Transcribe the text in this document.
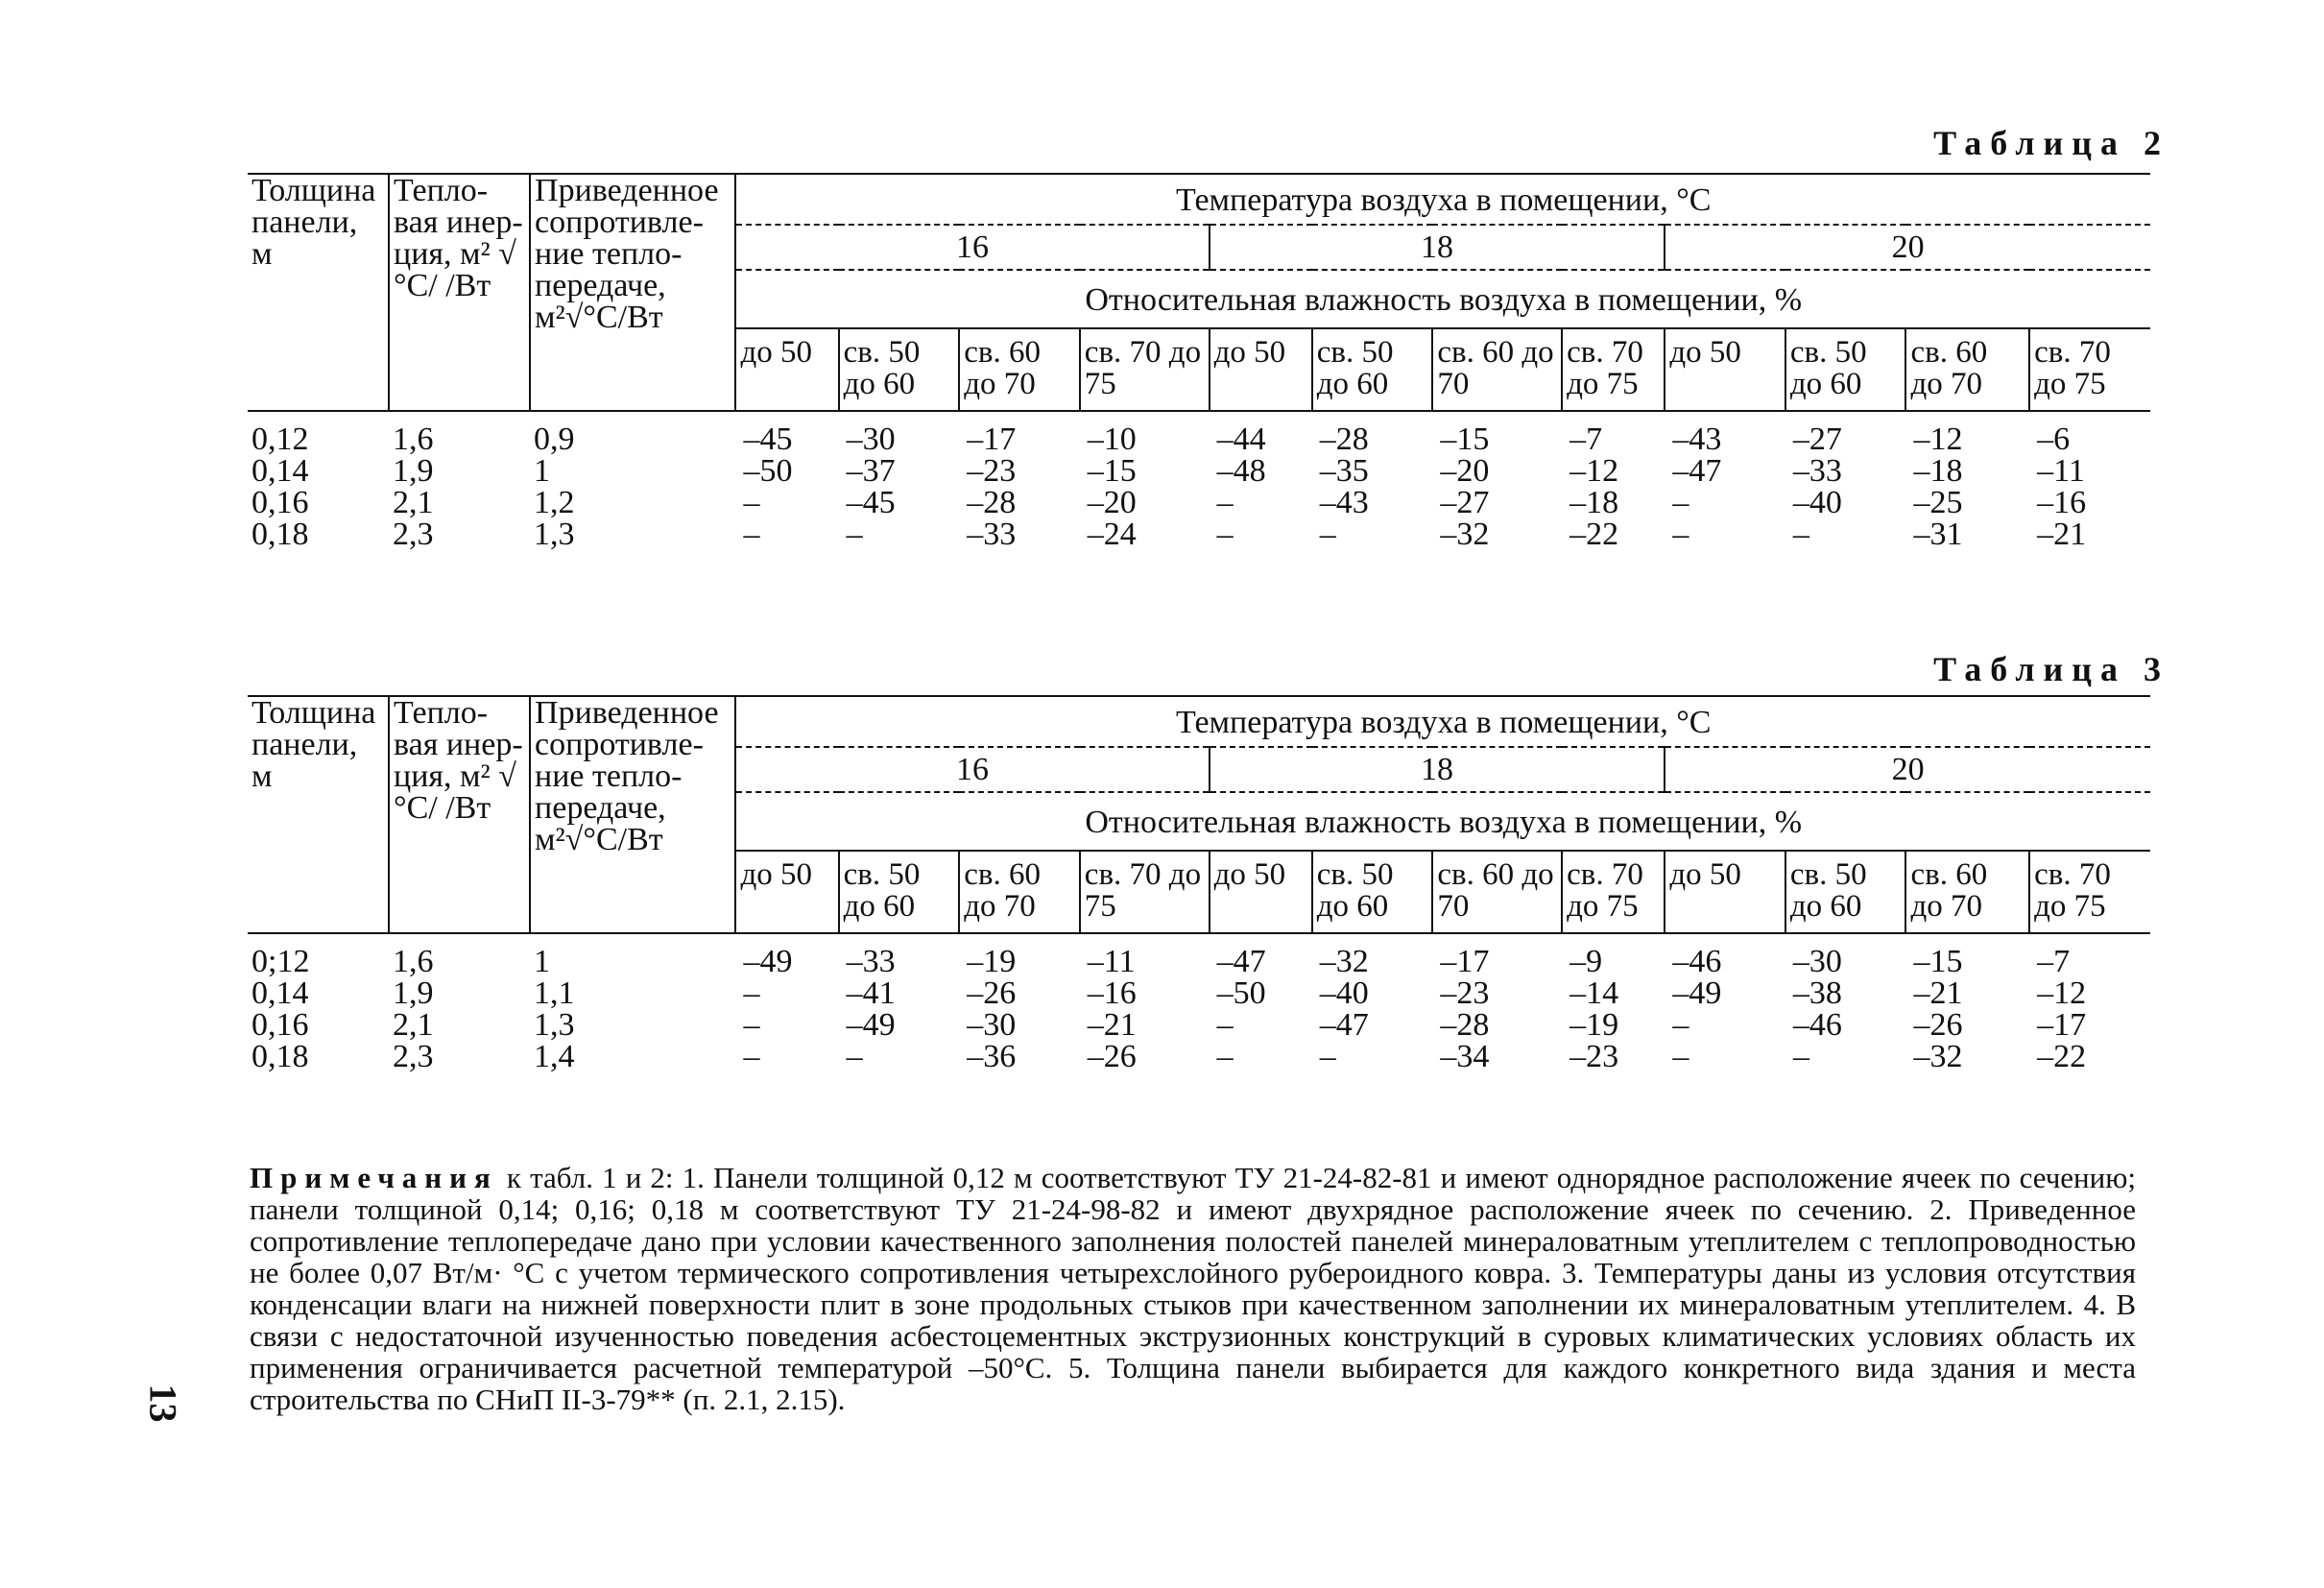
Таблица 2
Толщина панели, м	Тепло- вая инер- ция, м² √ °С/ /Вт	Приведенное сопротивле- ние тепло- передаче, м²√°С/Вт	Температура воздуха в помещении, °С											
			16				18				20			
			Относительная влажность воздуха в помещении, %											
			до 50	св. 50 до 60	св. 60 до 70	св. 70 до 75	до 50	св. 50 до 60	св. 60 до 70	св. 70 до 75	до 50	св. 50 до 60	св. 60 до 70	св. 70 до 75
0,12	1,6	0,9	–45	–30	–17	–10	–44	–28	–15	–7	–43	–27	–12	–6
0,14	1,9	1	–50	–37	–23	–15	–48	–35	–20	–12	–47	–33	–18	–11
0,16	2,1	1,2	–	–45	–28	–20	–	–43	–27	–18	–	–40	–25	–16
0,18	2,3	1,3	–	–	–33	–24	–	–	–32	–22	–	–	–31	–21
Таблица 3
Толщина панели, м	Тепло- вая инер- ция, м² √ °С/ /Вт	Приведенное сопротивле- ние тепло- передаче, м²√°С/Вт	Температура воздуха в помещении, °С											
			16				18				20			
			Относительная влажность воздуха в помещении, %											
			до 50	св. 50 до 60	св. 60 до 70	св. 70 до 75	до 50	св. 50 до 60	св. 60 до 70	св. 70 до 75	до 50	св. 50 до 60	св. 60 до 70	св. 70 до 75
0;12	1,6	1	–49	–33	–19	–11	–47	–32	–17	–9	–46	–30	–15	–7
0,14	1,9	1,1	–	–41	–26	–16	–50	–40	–23	–14	–49	–38	–21	–12
0,16	2,1	1,3	–	–49	–30	–21	–	–47	–28	–19	–	–46	–26	–17
0,18	2,3	1,4	–	–	–36	–26	–	–	–34	–23	–	–	–32	–22

Примечания к табл. 1 и 2: 1. Панели толщиной 0,12 м соответствуют ТУ 21-24-82-81 и имеют однорядное расположение ячеек по сечению; панели толщиной 0,14; 0,16; 0,18 м соответствуют ТУ 21-24-98-82 и имеют двухрядное расположение ячеек по сечению. 2. Приведенное сопротивление теплопередаче дано при условии качественного заполнения полостей панелей минераловатным утеплителем с теплопроводностью не более 0,07 Вт/м· °С с учетом термического сопротивления четырехслойного рубероидного ковра. 3. Температуры даны из условия отсутствия конденсации влаги на нижней поверхности плит в зоне продольных стыков при качественном заполнении их минераловатным утеплителем. 4. В связи с недостаточной изученностью поведения асбестоцементных экструзионных конструкций в суровых климатических условиях область их применения ограничивается расчетной температурой –50°С. 5. Толщина панели выбирается для каждого конкретного вида здания и места строительства по СНиП II-3-79** (п. 2.1, 2.15).

13
